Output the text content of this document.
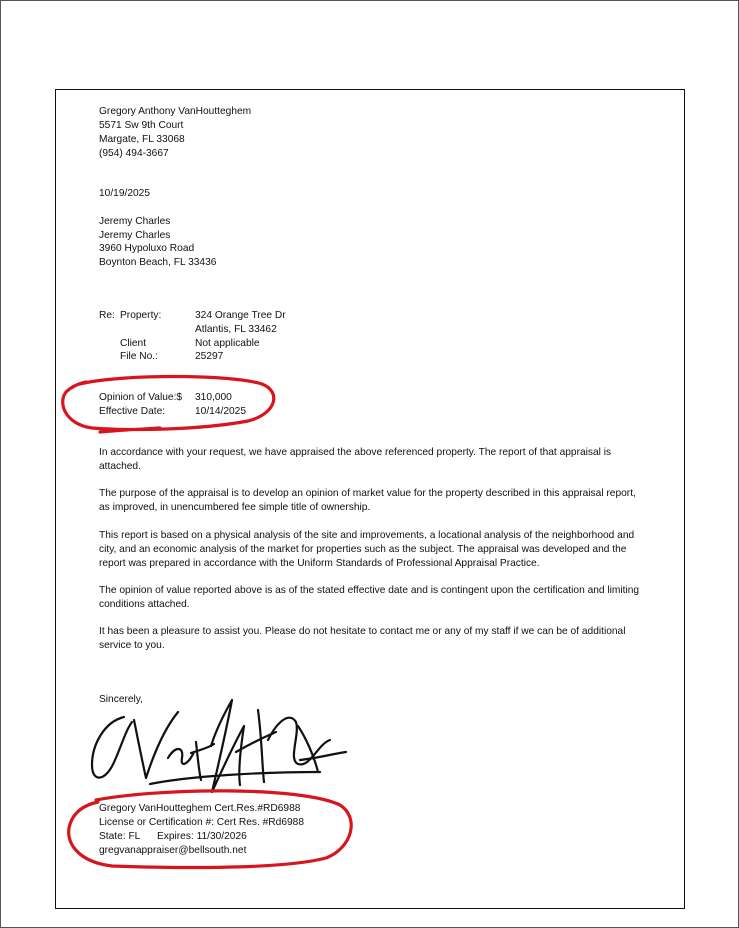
Gregory Anthony VanHoutteghem
5571 Sw 9th Court
Margate, FL 33068
(954) 494-3667
10/19/2025
Jeremy Charles
Jeremy Charles
3960 Hypoluxo Road
Boynton Beach, FL 33436
Re: Property:	324 Orange Tree Dr
Atlantis, FL 33462
Client	Not applicable
File No.:	25297
Opinion of Value:$ 310,000
Effective Date:	10/14/2025
In accordance with your request, we have appraised the above referenced property. The report of that appraisal is attached.
The purpose of the appraisal is to develop an opinion of market value for the property described in this appraisal report, as improved, in unencumbered fee simple title of ownership.
This report is based on a physical analysis of the site and improvements, a locational analysis of the neighborhood and city, and an economic analysis of the market for properties such as the subject. The appraisal was developed and the report was prepared in accordance with the Uniform Standards of Professional Appraisal Practice.
The opinion of value reported above is as of the stated effective date and is contingent upon the certification and limiting conditions attached.
It has been a pleasure to assist you. Please do not hesitate to contact me or any of my staff if we can be of additional service to you.
Sincerely,
Gregory VanHoutteghem Cert.Res.#RD6988
License or Certification #: Cert Res. #Rd6988
State: FL      Expires: 11/30/2026
gregvanappraiser@bellsouth.net
